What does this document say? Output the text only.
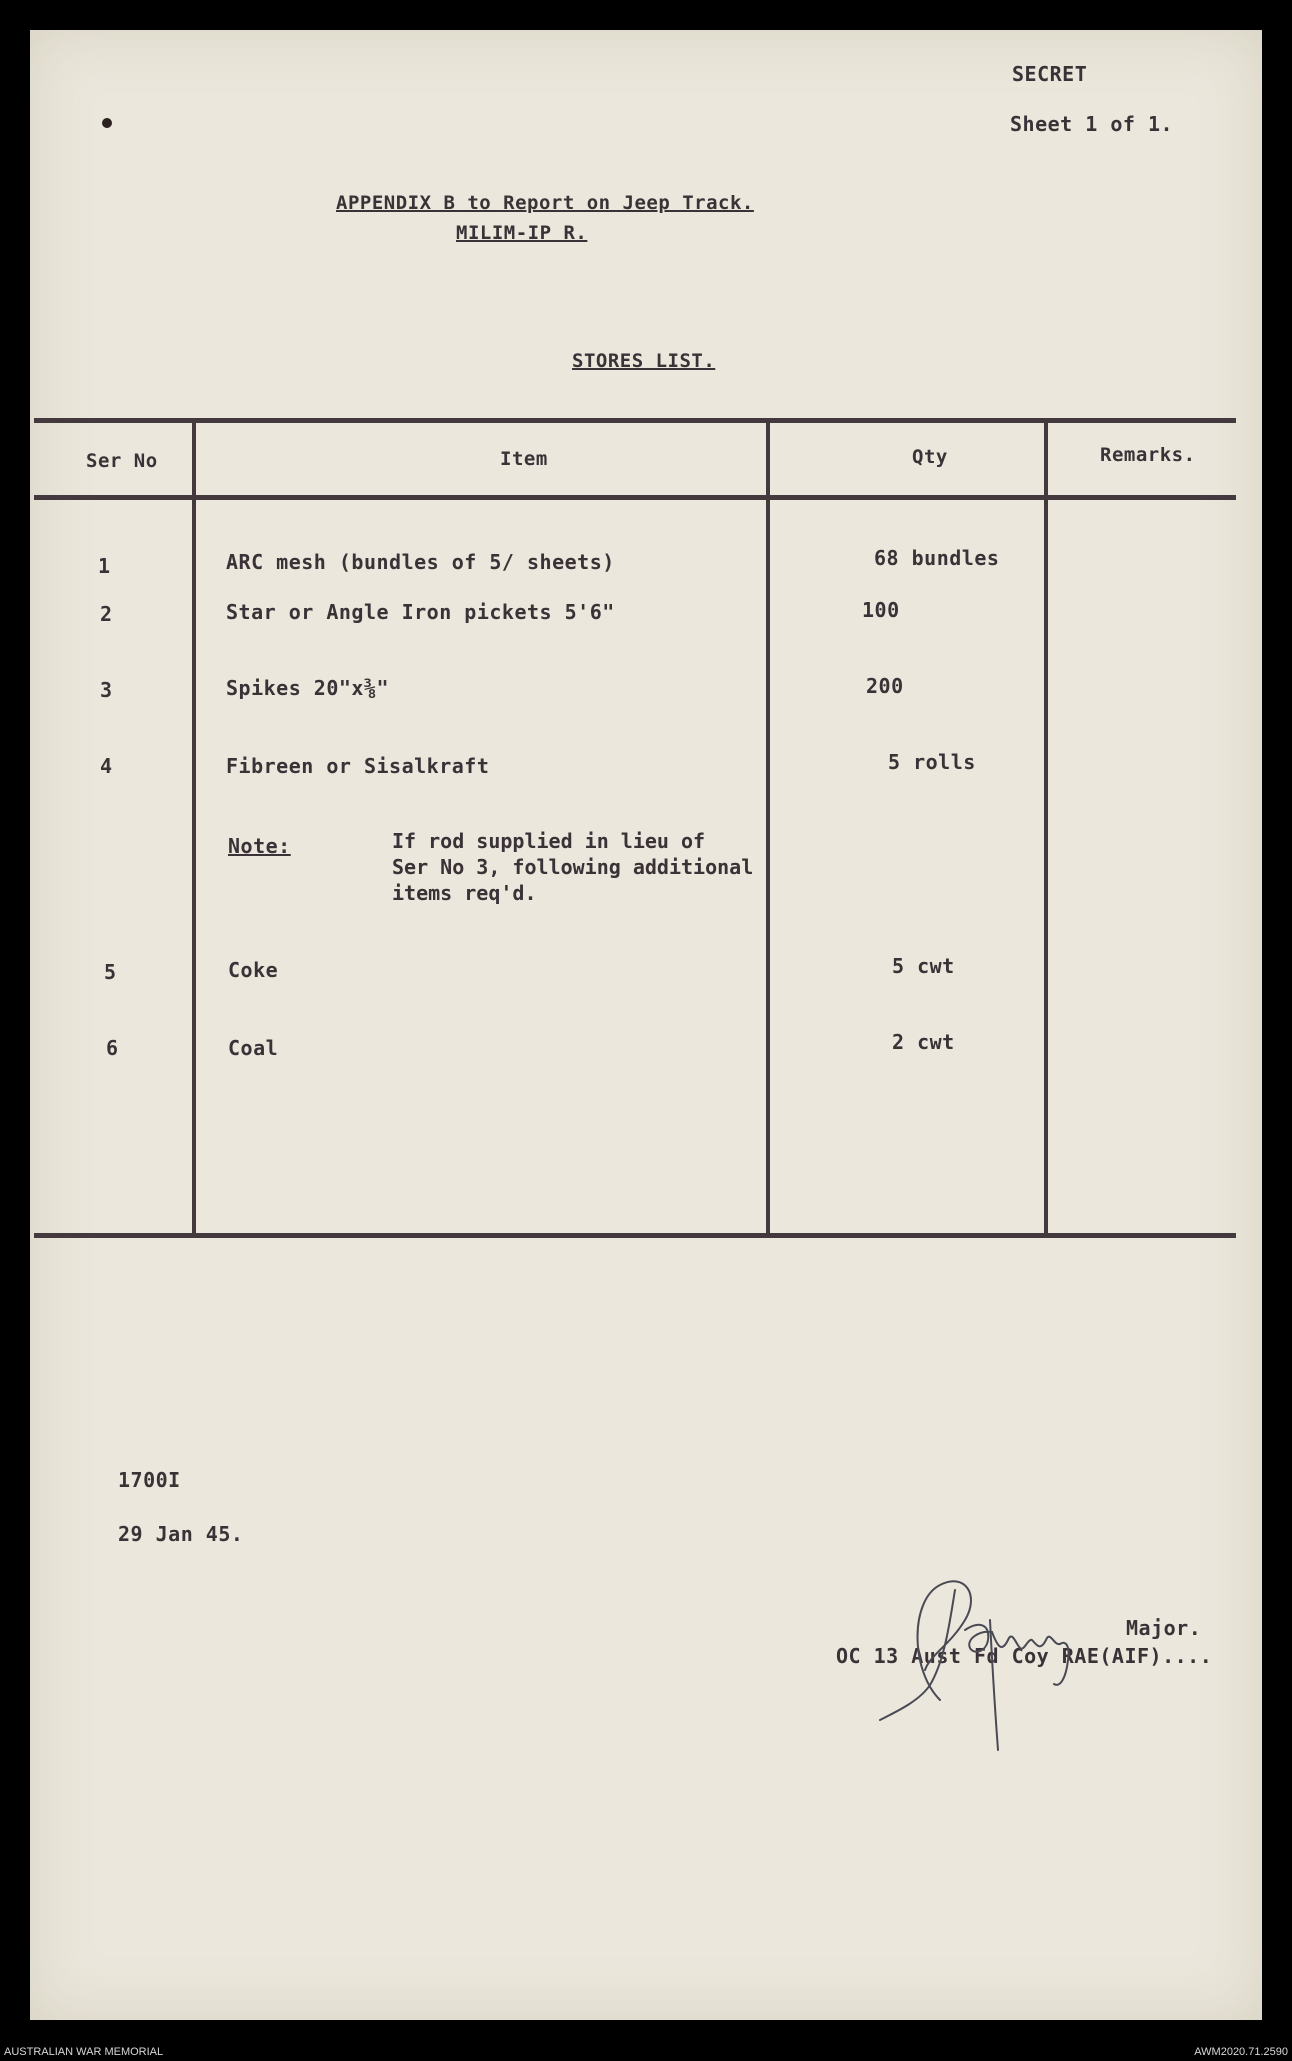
SECRET
Sheet 1 of 1.
APPENDIX B to Report on Jeep Track.
MILIM-IP R.
STORES LIST.
Ser No	Item	Qty	Remarks.
1	ARC mesh (bundles of 5/ sheets)	68 bundles
2	Star or Angle Iron pickets 5'6"	100
3	Spikes 20"x⅜"	200
4	Fibreen or Sisalkraft	5 rolls
Note:	If rod supplied in lieu of
Ser No 3, following additional
items req'd.
5	Coke	5 cwt
6	Coal	2 cwt
1700I
29 Jan 45.
Major.
OC 13 Aust Fd Coy RAE(AIF)....
AUSTRALIAN WAR MEMORIAL	AWM2020.71.2590
